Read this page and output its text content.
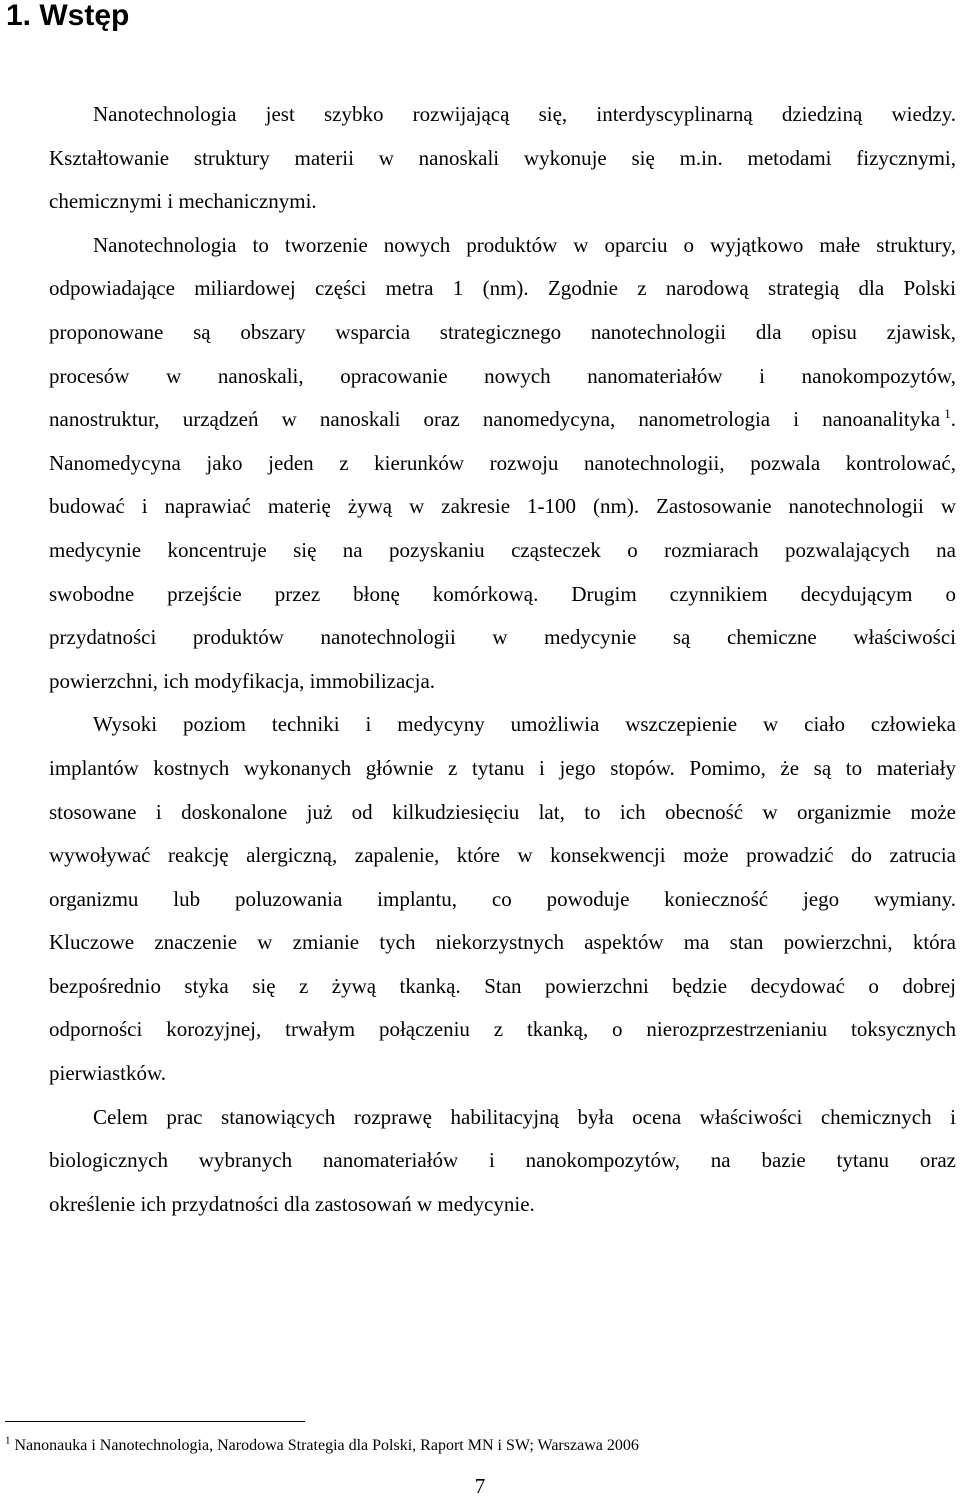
1. Wstęp

Nanotechnologia jest szybko rozwijającą się, interdyscyplinarną dziedziną wiedzy.
Kształtowanie struktury materii w nanoskali wykonuje się m.in. metodami fizycznymi,
chemicznymi i mechanicznymi.

Nanotechnologia to tworzenie nowych produktów w oparciu o wyjątkowo małe struktury,
odpowiadające miliardowej części metra 1 (nm). Zgodnie z narodową strategią dla Polski
proponowane są obszary wsparcia strategicznego nanotechnologii dla opisu zjawisk,
procesów w nanoskali, opracowanie nowych nanomateriałów i nanokompozytów,
nanostruktur, urządzeń w nanoskali oraz nanomedycyna, nanometrologia i nanoanalityka  $^1$.
Nanomedycyna jako jeden z kierunków rozwoju nanotechnologii, pozwala kontrolować,
budować i naprawiać materię żywą w zakresie 1-100 (nm). Zastosowanie nanotechnologii w
medycynie koncentruje się na pozyskaniu cząsteczek o rozmiarach pozwalających na
swobodne przejście przez błonę komórkową. Drugim czynnikiem decydującym o
przydatności produktów nanotechnologii w medycynie są chemiczne właściwości
powierzchni, ich modyfikacja, immobilizacja.

Wysoki poziom techniki i medycyny umożliwia wszczepienie w ciało człowieka
implantów kostnych wykonanych głównie z tytanu i jego stopów. Pomimo, że są to materiały
stosowane i doskonalone już od kilkudziesięciu lat, to ich obecność w organizmie może
wywoływać reakcję alergiczną, zapalenie, które w konsekwencji może prowadzić do zatrucia
organizmu lub poluzowania implantu, co powoduje konieczność jego wymiany.
Kluczowe znaczenie w zmianie tych niekorzystnych aspektów ma stan powierzchni, która
bezpośrednio styka się z żywą tkanką. Stan powierzchni będzie decydować o dobrej
odporności korozyjnej, trwałym połączeniu z tkanką, o nierozprzestrzenianiu toksycznych
pierwiastków.

Celem prac stanowiących rozprawę habilitacyjną była ocena właściwości chemicznych i
biologicznych wybranych nanomateriałów i nanokompozytów, na bazie tytanu oraz
określenie ich przydatności dla zastosowań w medycynie.

$^1$ Nanonauka i Nanotechnologia, Narodowa Strategia dla Polski, Raport MN i SW; Warszawa 2006
7
